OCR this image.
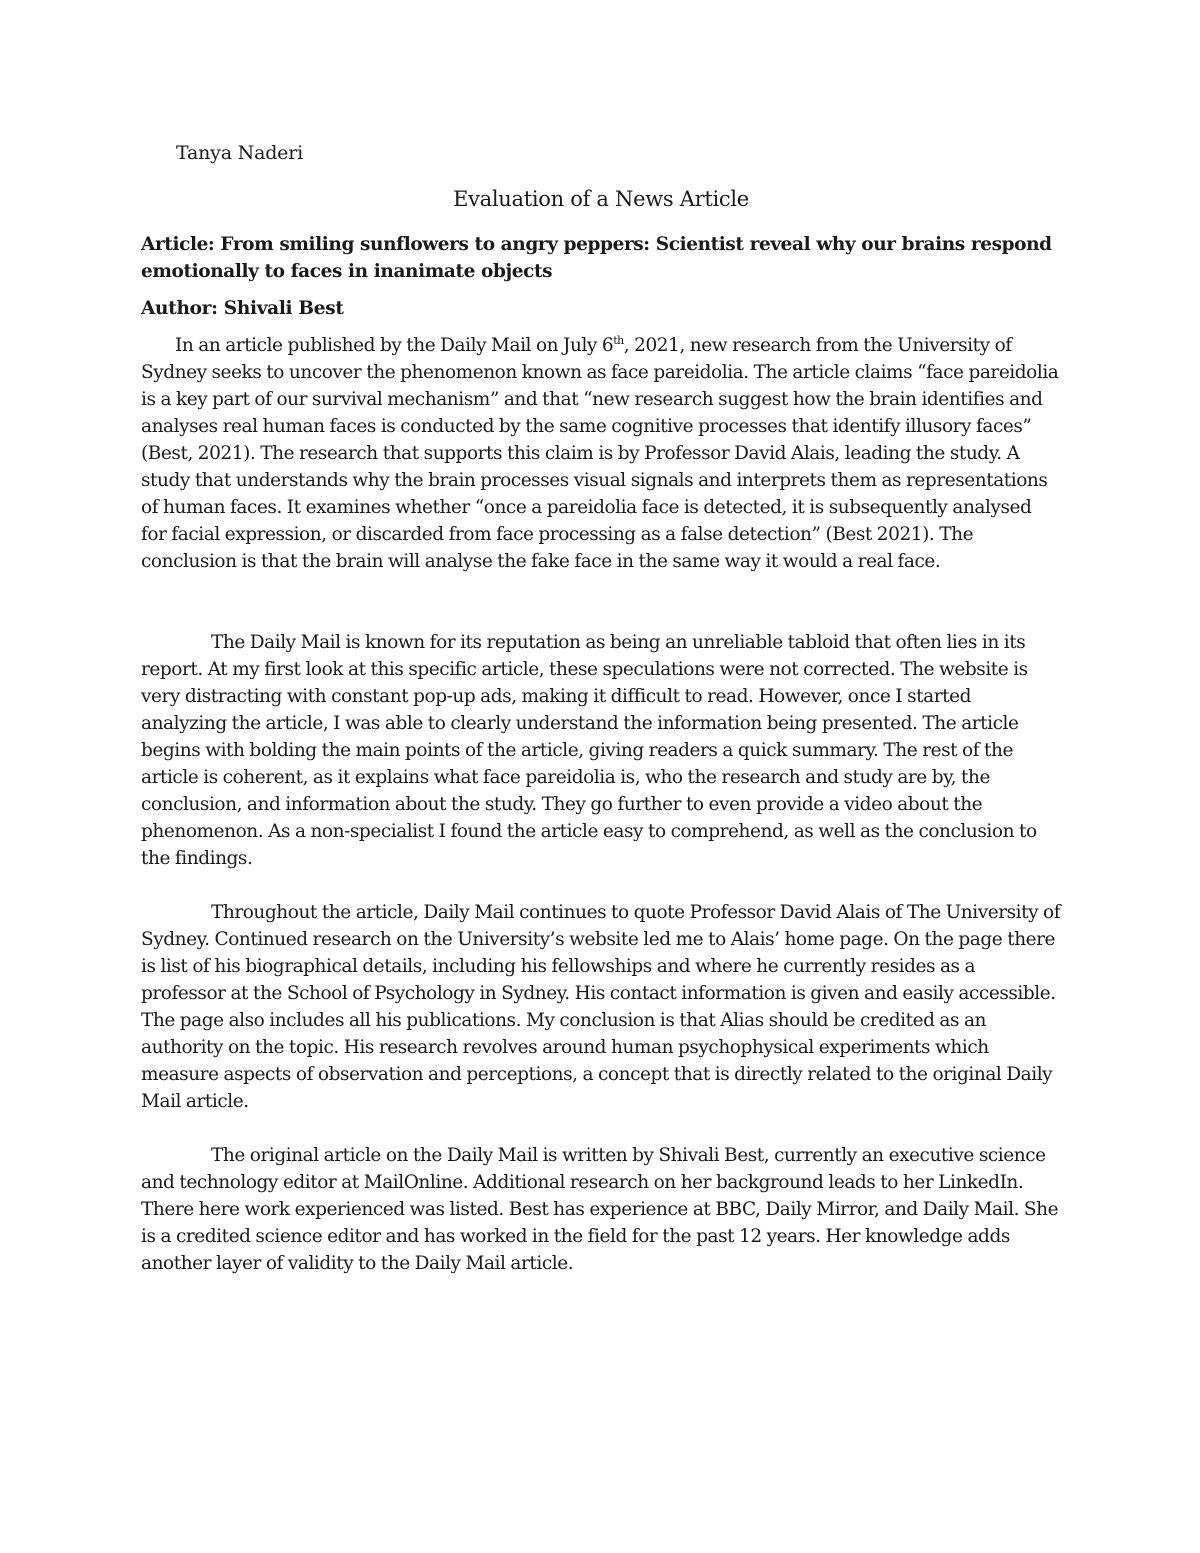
Tanya Naderi
Evaluation of a News Article
Article: From smiling sunflowers to angry peppers: Scientist reveal why our brains respond emotionally to faces in inanimate objects
Author: Shivali Best

In an article published by the Daily Mail on July 6th, 2021, new research from the University of Sydney seeks to uncover the phenomenon known as face pareidolia. The article claims “face pareidolia is a key part of our survival mechanism” and that “new research suggest how the brain identifies and analyses real human faces is conducted by the same cognitive processes that identify illusory faces” (Best, 2021). The research that supports this claim is by Professor David Alais, leading the study. A study that understands why the brain processes visual signals and interprets them as representations of human faces. It examines whether “once a pareidolia face is detected, it is subsequently analysed for facial expression, or discarded from face processing as a false detection” (Best 2021). The conclusion is that the brain will analyse the fake face in the same way it would a real face.

The Daily Mail is known for its reputation as being an unreliable tabloid that often lies in its report. At my first look at this specific article, these speculations were not corrected. The website is very distracting with constant pop-up ads, making it difficult to read. However, once I started analyzing the article, I was able to clearly understand the information being presented. The article begins with bolding the main points of the article, giving readers a quick summary. The rest of the article is coherent, as it explains what face pareidolia is, who the research and study are by, the conclusion, and information about the study. They go further to even provide a video about the phenomenon. As a non-specialist I found the article easy to comprehend, as well as the conclusion to the findings.

Throughout the article, Daily Mail continues to quote Professor David Alais of The University of Sydney. Continued research on the University’s website led me to Alais’ home page. On the page there is list of his biographical details, including his fellowships and where he currently resides as a professor at the School of Psychology in Sydney. His contact information is given and easily accessible. The page also includes all his publications. My conclusion is that Alias should be credited as an authority on the topic. His research revolves around human psychophysical experiments which measure aspects of observation and perceptions, a concept that is directly related to the original Daily Mail article.

The original article on the Daily Mail is written by Shivali Best, currently an executive science and technology editor at MailOnline. Additional research on her background leads to her LinkedIn. There here work experienced was listed. Best has experience at BBC, Daily Mirror, and Daily Mail. She is a credited science editor and has worked in the field for the past 12 years. Her knowledge adds another layer of validity to the Daily Mail article.
